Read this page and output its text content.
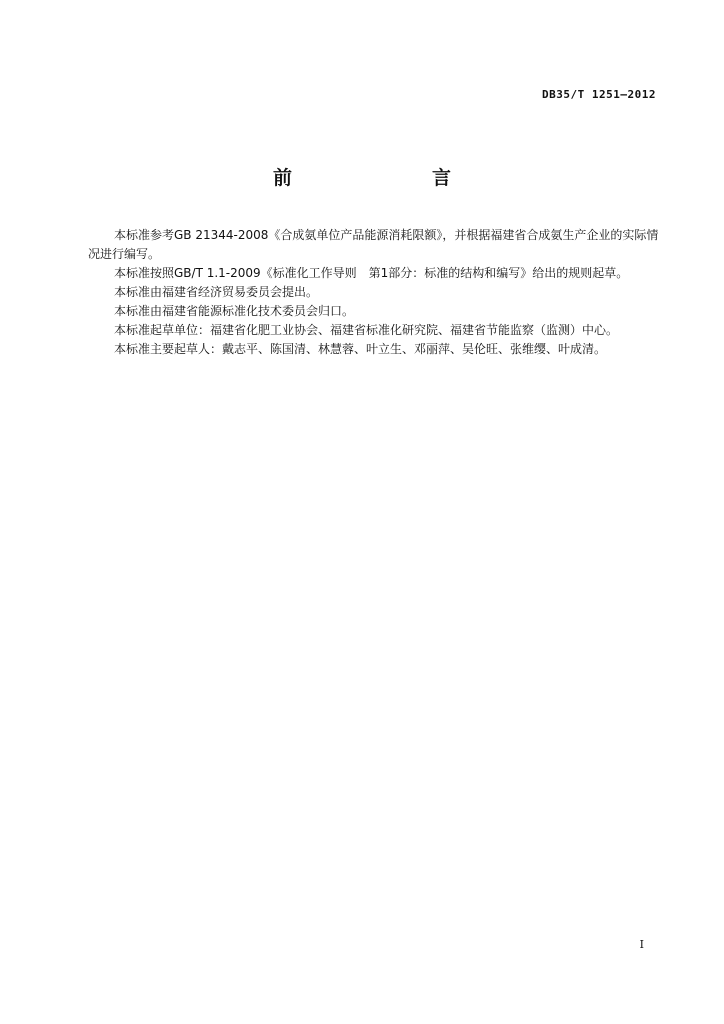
DB35/T 1251—2012
前　　言

本标准参考GB 21344-2008《合成氨单位产品能源消耗限额》，并根据福建省合成氨生产企业的实际情况进行编写。

本标准按照GB/T 1.1-2009《标准化工作导则　第1部分：标准的结构和编写》给出的规则起草。

本标准由福建省经济贸易委员会提出。

本标准由福建省能源标准化技术委员会归口。

本标准起草单位：福建省化肥工业协会、福建省标准化研究院、福建省节能监察（监测）中心。

本标准主要起草人：戴志平、陈国清、林慧蓉、叶立生、邓丽萍、吴伦旺、张维缨、叶成清。

I
